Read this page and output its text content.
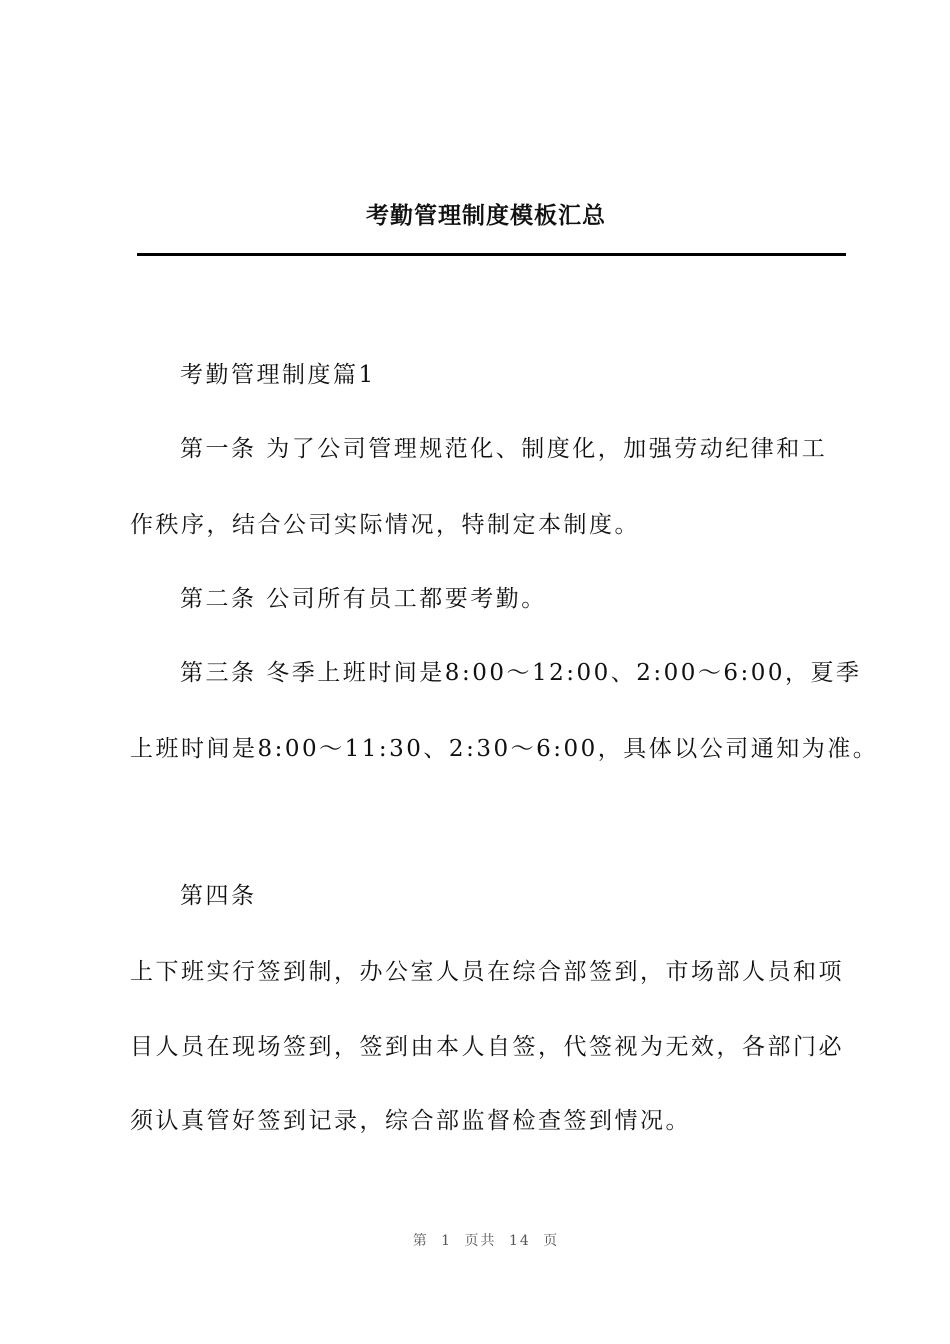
考勤管理制度模板汇总
考勤管理制度篇1
第一条 为了公司管理规范化、制度化，加强劳动纪律和工
作秩序，结合公司实际情况，特制定本制度。
第二条 公司所有员工都要考勤。
第三条 冬季上班时间是8:00～12:00、2:00～6:00，夏季
上班时间是8:00～11:30、2:30～6:00，具体以公司通知为准。
第四条
上下班实行签到制，办公室人员在综合部签到，市场部人员和项
目人员在现场签到，签到由本人自签，代签视为无效，各部门必
须认真管好签到记录，综合部监督检查签到情况。
第 1 页共 14 页
